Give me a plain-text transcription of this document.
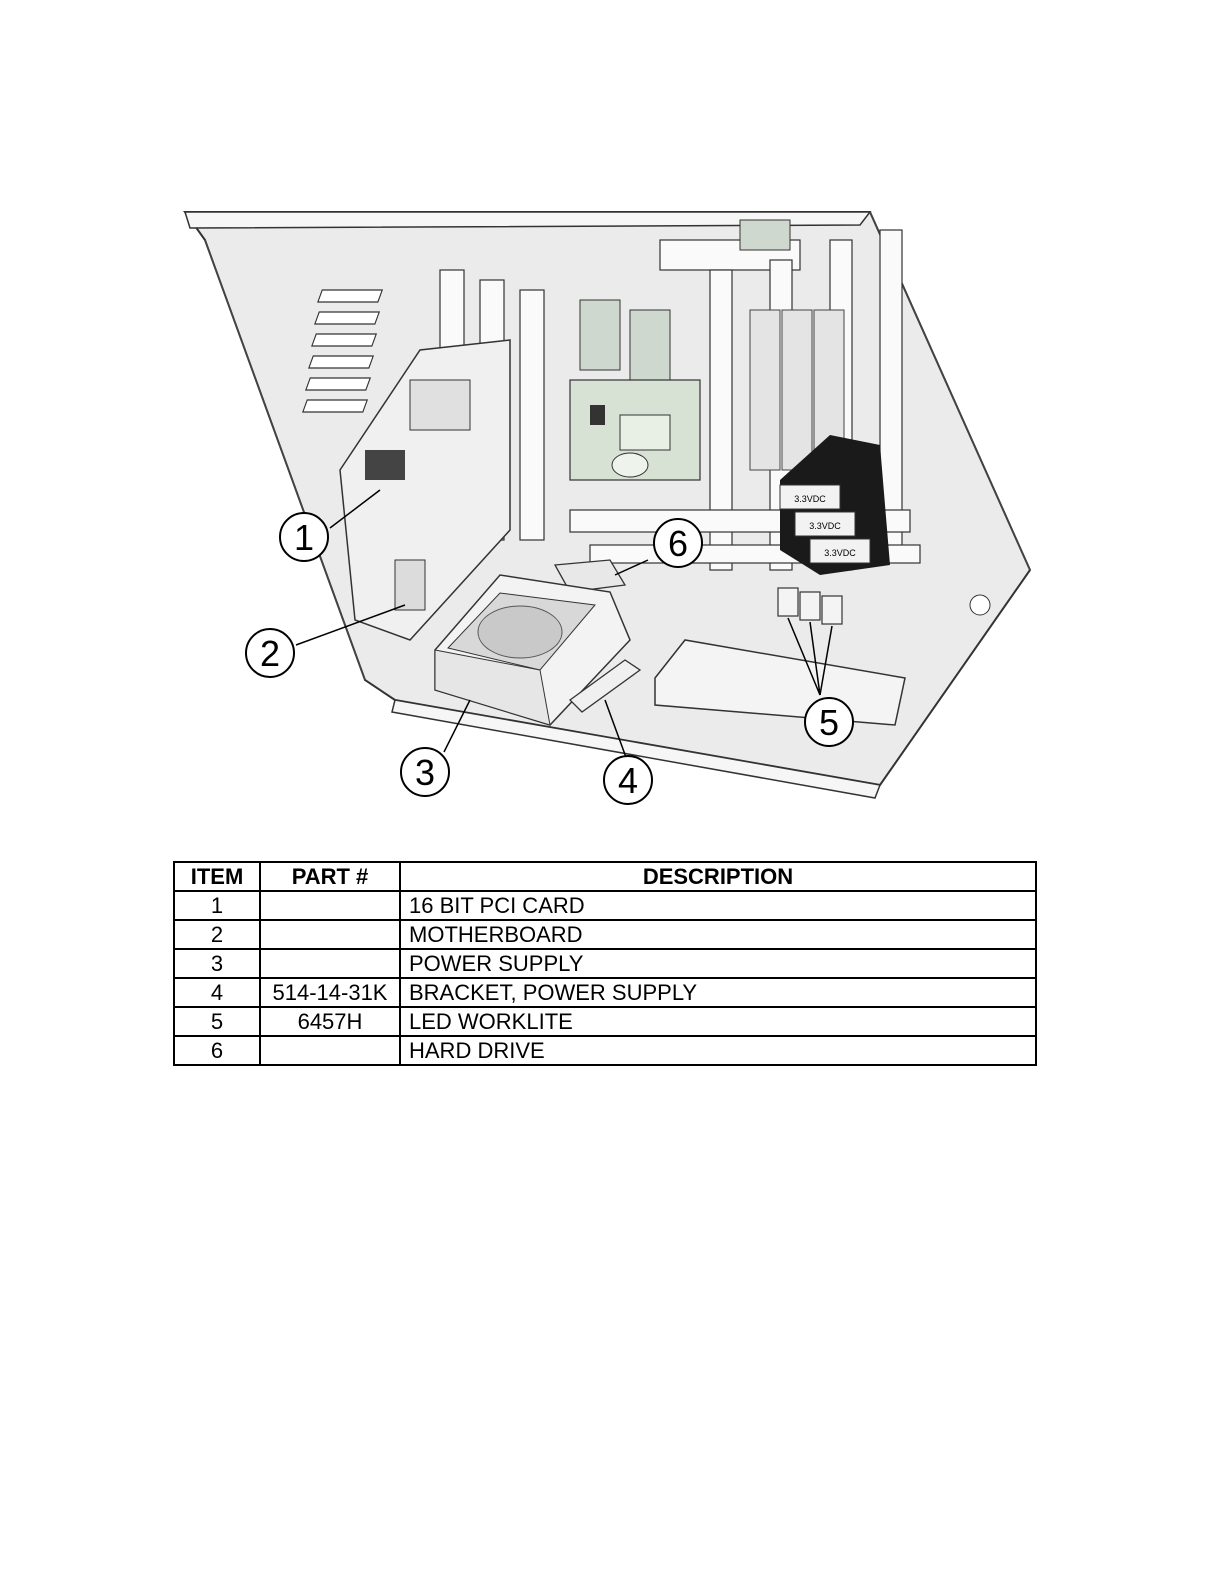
3.3VDC
3.3VDC
3.3VDC
1
2
3	4
5
6
ITEM	PART #	DESCRIPTION
1		16 BIT PCI CARD
2		MOTHERBOARD
3		POWER SUPPLY
4	514-14-31K	BRACKET, POWER SUPPLY
5	6457H	LED WORKLITE
6		HARD DRIVE
